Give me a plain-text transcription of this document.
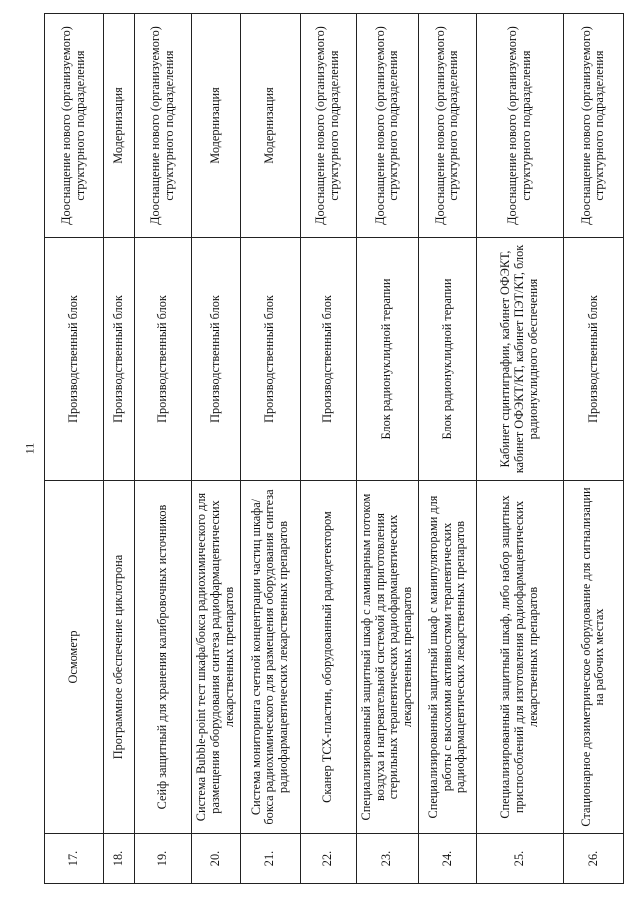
11
17.	Осмометр	Производственный блок	Дооснащение нового (организуемого) структурного подразделения
18.	Программное обеспечение циклотрона	Производственный блок	Модернизация
19.	Сейф защитный для хранения калибровочных источников	Производственный блок	Дооснащение нового (организуемого) структурного подразделения
20.	Система Bubble-point тест шкафа/бокса радиохимического для размещения оборудования синтеза радиофармацевтических лекарственных препаратов	Производственный блок	Модернизация
21.	Система мониторинга счетной концентрации частиц шкафа/бокса радиохимического для размещения оборудования синтеза радиофармацевтических лекарственных препаратов	Производственный блок	Модернизация
22.	Сканер ТСХ-пластин, оборудованный радиодетектором	Производственный блок	Дооснащение нового (организуемого) структурного подразделения
23.	Специализированный защитный шкаф с ламинарным потоком воздуха и нагревательной системой для приготовления стерильных терапевтических радиофармацевтических лекарственных препаратов	Блок радионуклидной терапии	Дооснащение нового (организуемого) структурного подразделения
24.	Специализированный защитный шкаф с манипуляторами для работы с высокими активностями терапевтических радиофармацевтических лекарственных препаратов	Блок радионуклидной терапии	Дооснащение нового (организуемого) структурного подразделения
25.	Специализированный защитный шкаф, либо набор защитных приспособлений для изготовления радиофармацевтических лекарственных препаратов	Кабинет сцинтиграфии, кабинет ОФЭКТ, кабинет ОФЭКТ/КТ, кабинет ПЭТ/КТ, блок радионуклидного обеспечения	Дооснащение нового (организуемого) структурного подразделения
26.	Стационарное дозиметрическое оборудование для сигнализации на рабочих местах	Производственный блок	Дооснащение нового (организуемого) структурного подразделения
